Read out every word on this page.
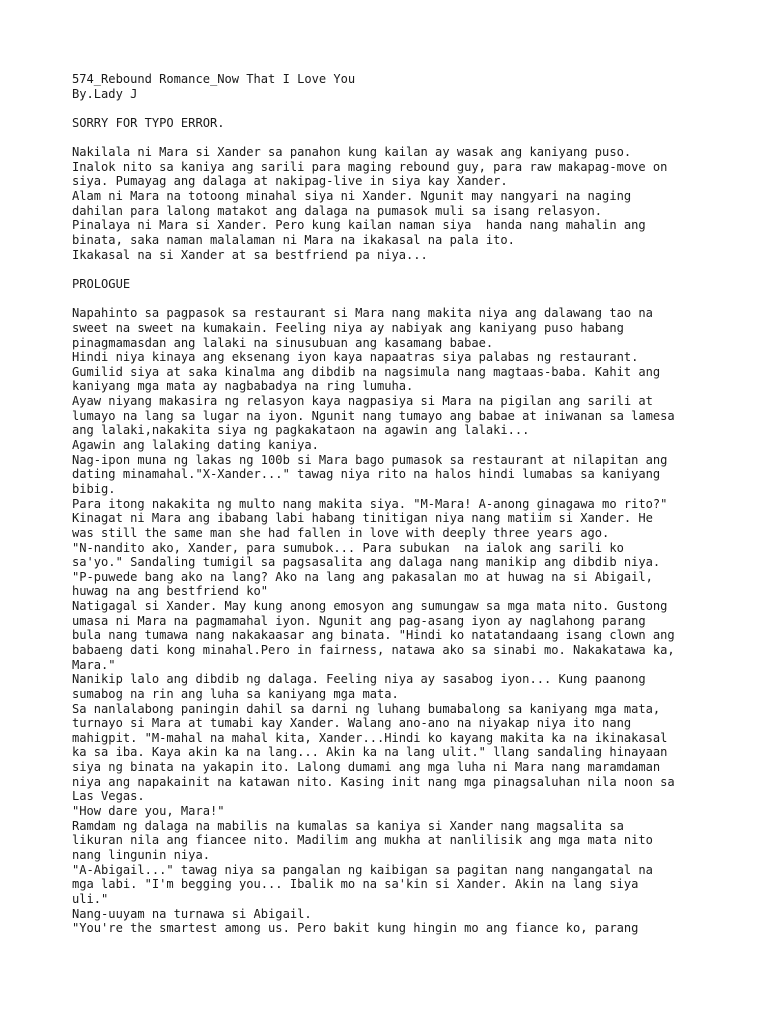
574_Rebound Romance_Now That I Love You
By.Lady J
SORRY FOR TYPO ERROR.
Nakilala ni Mara si Xander sa panahon kung kailan ay wasak ang kaniyang puso.
Inalok nito sa kaniya ang sarili para maging rebound guy, para raw makapag-move on
siya. Pumayag ang dalaga at nakipag-live in siya kay Xander.
Alam ni Mara na totoong minahal siya ni Xander. Ngunit may nangyari na naging
dahilan para lalong matakot ang dalaga na pumasok muli sa isang relasyon.
Pinalaya ni Mara si Xander. Pero kung kailan naman siya  handa nang mahalin ang
binata, saka naman malalaman ni Mara na ikakasal na pala ito.
Ikakasal na si Xander at sa bestfriend pa niya...
PROLOGUE
Napahinto sa pagpasok sa restaurant si Mara nang makita niya ang dalawang tao na
sweet na sweet na kumakain. Feeling niya ay nabiyak ang kaniyang puso habang
pinagmamasdan ang lalaki na sinusubuan ang kasamang babae.
Hindi niya kinaya ang eksenang iyon kaya napaatras siya palabas ng restaurant.
Gumilid siya at saka kinalma ang dibdib na nagsimula nang magtaas-baba. Kahit ang
kaniyang mga mata ay nagbabadya na ring lumuha.
Ayaw niyang makasira ng relasyon kaya nagpasiya si Mara na pigilan ang sarili at
lumayo na lang sa lugar na iyon. Ngunit nang tumayo ang babae at iniwanan sa lamesa
ang lalaki,nakakita siya ng pagkakataon na agawin ang lalaki...
Agawin ang lalaking dating kaniya.
Nag-ipon muna ng lakas ng 100b si Mara bago pumasok sa restaurant at nilapitan ang
dating minamahal."X-Xander..." tawag niya rito na halos hindi lumabas sa kaniyang
bibig.
Para itong nakakita ng multo nang makita siya. "M-Mara! A-anong ginagawa mo rito?"
Kinagat ni Mara ang ibabang labi habang tinitigan niya nang matiim si Xander. He
was still the same man she had fallen in love with deeply three years ago.
"N-nandito ako, Xander, para sumubok... Para subukan  na ialok ang sarili ko
sa'yo." Sandaling tumigil sa pagsasalita ang dalaga nang manikip ang dibdib niya.
"P-puwede bang ako na lang? Ako na lang ang pakasalan mo at huwag na si Abigail,
huwag na ang bestfriend ko"
Natigagal si Xander. May kung anong emosyon ang sumungaw sa mga mata nito. Gustong
umasa ni Mara na pagmamahal iyon. Ngunit ang pag-asang iyon ay naglahong parang
bula nang tumawa nang nakakaasar ang binata. "Hindi ko natatandaang isang clown ang
babaeng dati kong minahal.Pero in fairness, natawa ako sa sinabi mo. Nakakatawa ka,
Mara."
Nanikip lalo ang dibdib ng dalaga. Feeling niya ay sasabog iyon... Kung paanong
sumabog na rin ang luha sa kaniyang mga mata.
Sa nanlalabong paningin dahil sa darni ng luhang bumabalong sa kaniyang mga mata,
turnayo si Mara at tumabi kay Xander. Walang ano-ano na niyakap niya ito nang
mahigpit. "M-mahal na mahal kita, Xander...Hindi ko kayang makita ka na ikinakasal
ka sa iba. Kaya akin ka na lang... Akin ka na lang ulit." llang sandaling hinayaan
siya ng binata na yakapin ito. Lalong dumami ang mga luha ni Mara nang maramdaman
niya ang napakainit na katawan nito. Kasing init nang mga pinagsaluhan nila noon sa
Las Vegas.
"How dare you, Mara!"
Ramdam ng dalaga na mabilis na kumalas sa kaniya si Xander nang magsalita sa
likuran nila ang fiancee nito. Madilim ang mukha at nanlilisik ang mga mata nito
nang lingunin niya.
"A-Abigail..." tawag niya sa pangalan ng kaibigan sa pagitan nang nangangatal na
mga labi. "I'm begging you... Ibalik mo na sa'kin si Xander. Akin na lang siya
uli."
Nang-uuyam na turnawa si Abigail.
"You're the smartest among us. Pero bakit kung hingin mo ang fiance ko, parang
